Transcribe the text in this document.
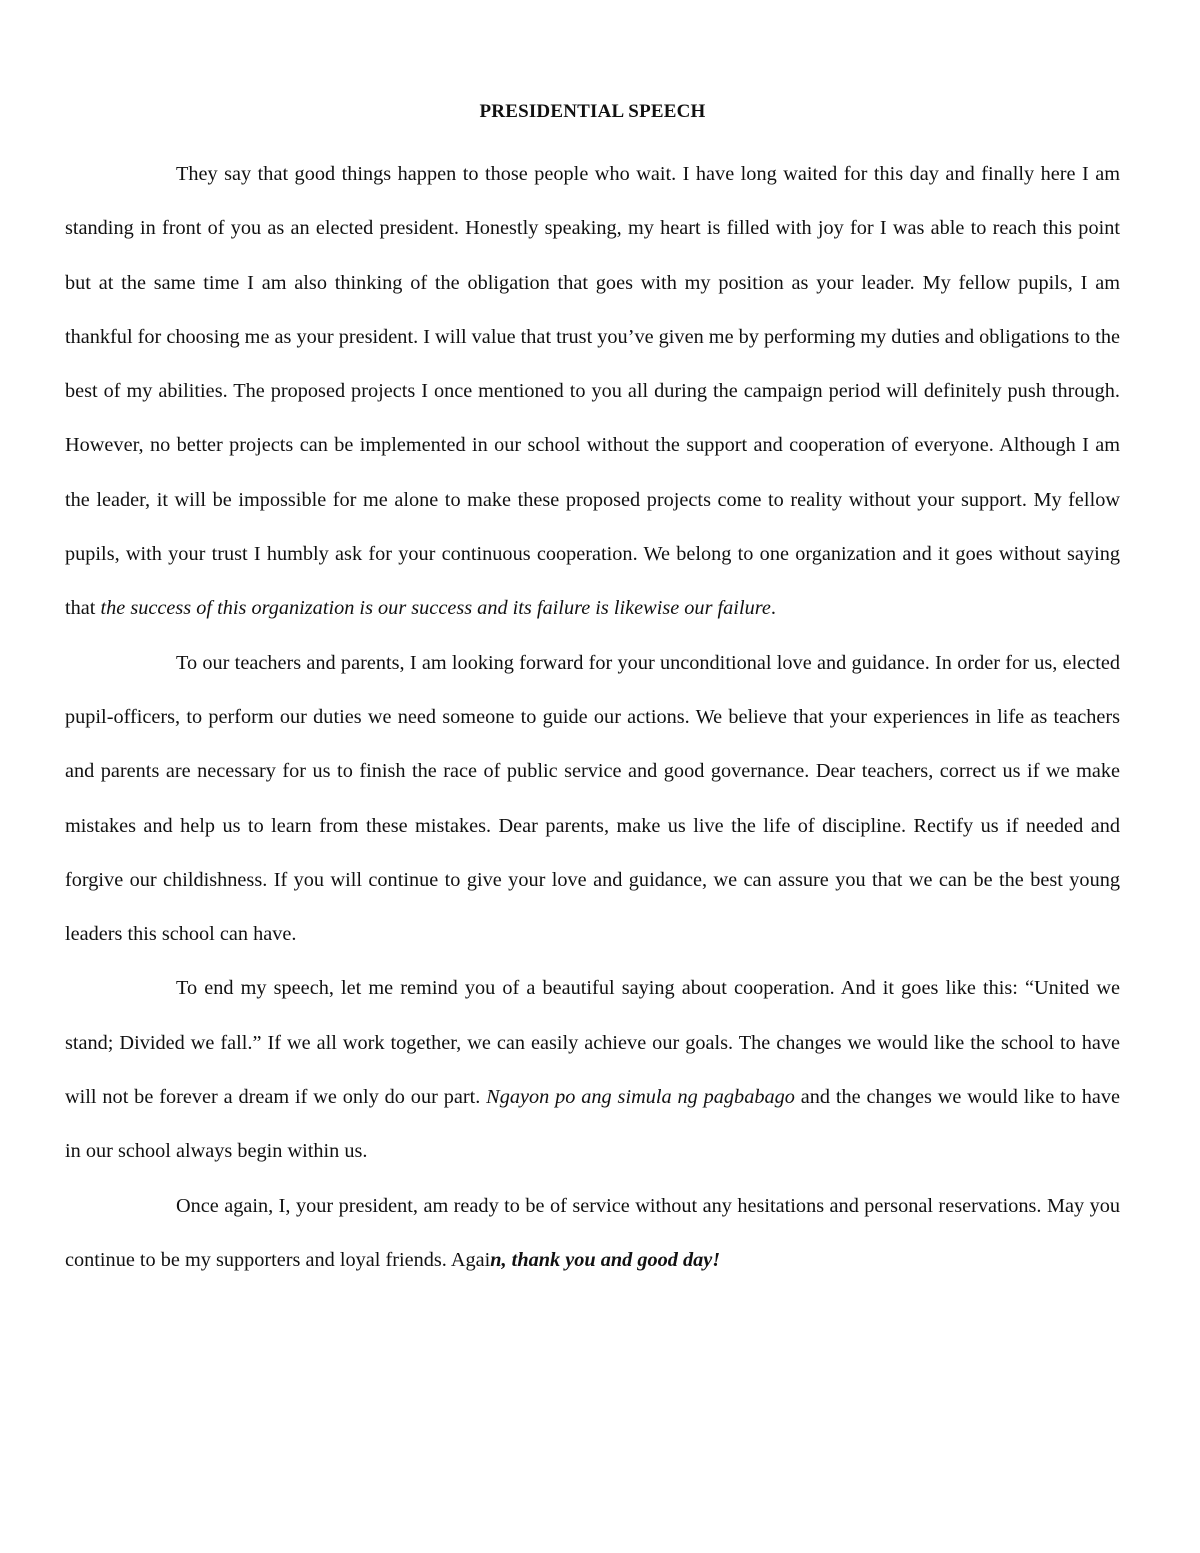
PRESIDENTIAL SPEECH

They say that good things happen to those people who wait. I have long waited for this day and finally here I am standing in front of you as an elected president. Honestly speaking, my heart is filled with joy for I was able to reach this point but at the same time I am also thinking of the obligation that goes with my position as your leader. My fellow pupils, I am thankful for choosing me as your president. I will value that trust you’ve given me by performing my duties and obligations to the best of my abilities. The proposed projects I once mentioned to you all during the campaign period will definitely push through. However, no better projects can be implemented in our school without the support and cooperation of everyone. Although I am the leader, it will be impossible for me alone to make these proposed projects come to reality without your support. My fellow pupils, with your trust I humbly ask for your continuous cooperation. We belong to one organization and it goes without saying that the success of this organization is our success and its failure is likewise our failure.

To our teachers and parents, I am looking forward for your unconditional love and guidance. In order for us, elected pupil-officers, to perform our duties we need someone to guide our actions. We believe that your experiences in life as teachers and parents are necessary for us to finish the race of public service and good governance. Dear teachers, correct us if we make mistakes and help us to learn from these mistakes. Dear parents, make us live the life of discipline. Rectify us if needed and forgive our childishness. If you will continue to give your love and guidance, we can assure you that we can be the best young leaders this school can have.

To end my speech, let me remind you of a beautiful saying about cooperation. And it goes like this: “United we stand; Divided we fall.” If we all work together, we can easily achieve our goals. The changes we would like the school to have will not be forever a dream if we only do our part. Ngayon po ang simula ng pagbabago and the changes we would like to have in our school always begin within us.

Once again, I, your president, am ready to be of service without any hesitations and personal reservations. May you continue to be my supporters and loyal friends. Again, thank you and good day!
